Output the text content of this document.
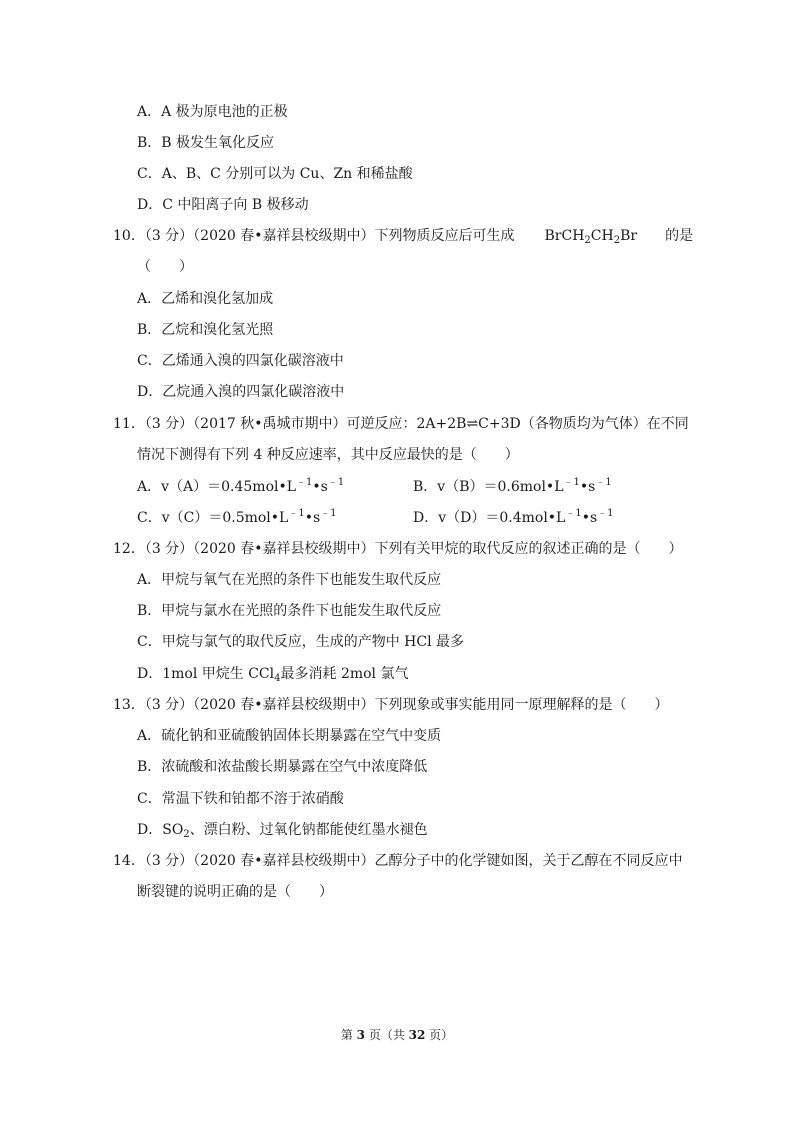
A．A 极为原电池的正极
B．B 极发生氧化反应
C．A、B、C 分别可以为 Cu、Zn 和稀盐酸
D．C 中阳离子向 B 极移动
10．（3 分）（2020 春•嘉祥县校级期中）下列物质反应后可生成 $BrCH_2CH_2Br$ 的是
（　　）
A．乙烯和溴化氢加成
B．乙烷和溴化氢光照
C．乙烯通入溴的四氯化碳溶液中
D．乙烷通入溴的四氯化碳溶液中
11．（3 分）（2017 秋•禹城市期中）可逆反应：2A+2B⇌C+3D（各物质均为气体）在不同
情况下测得有下列 4 种反应速率，其中反应最快的是（　　）
A．$v(A)=0.45mol•L^{﹣1}•s^{﹣1}$	B．$v(B)=0.6mol•L^{﹣1}•s^{﹣1}$
C．$v(C)=0.5mol•L^{﹣1}•s^{﹣1}$	D．$v(D)=0.4mol•L^{﹣1}•s^{﹣1}$
12．（3 分）（2020 春•嘉祥县校级期中）下列有关甲烷的取代反应的叙述正确的是（　　）
A．甲烷与氧气在光照的条件下也能发生取代反应
B．甲烷与氯水在光照的条件下也能发生取代反应
C．甲烷与氯气的取代反应，生成的产物中 HCl 最多
D．1mol 甲烷生 CCl$_4$最多消耗 2mol 氯气
13．（3 分）（2020 春•嘉祥县校级期中）下列现象或事实能用同一原理解释的是（　　）
A．硫化钠和亚硫酸钠固体长期暴露在空气中变质
B．浓硫酸和浓盐酸长期暴露在空气中浓度降低
C．常温下铁和铂都不溶于浓硝酸
D．$SO_2$、漂白粉、过氧化钠都能使红墨水褪色
14．（3 分）（2020 春•嘉祥县校级期中）乙醇分子中的化学键如图，关于乙醇在不同反应中
断裂键的说明正确的是（　　）
第 3 页（共 32 页）
